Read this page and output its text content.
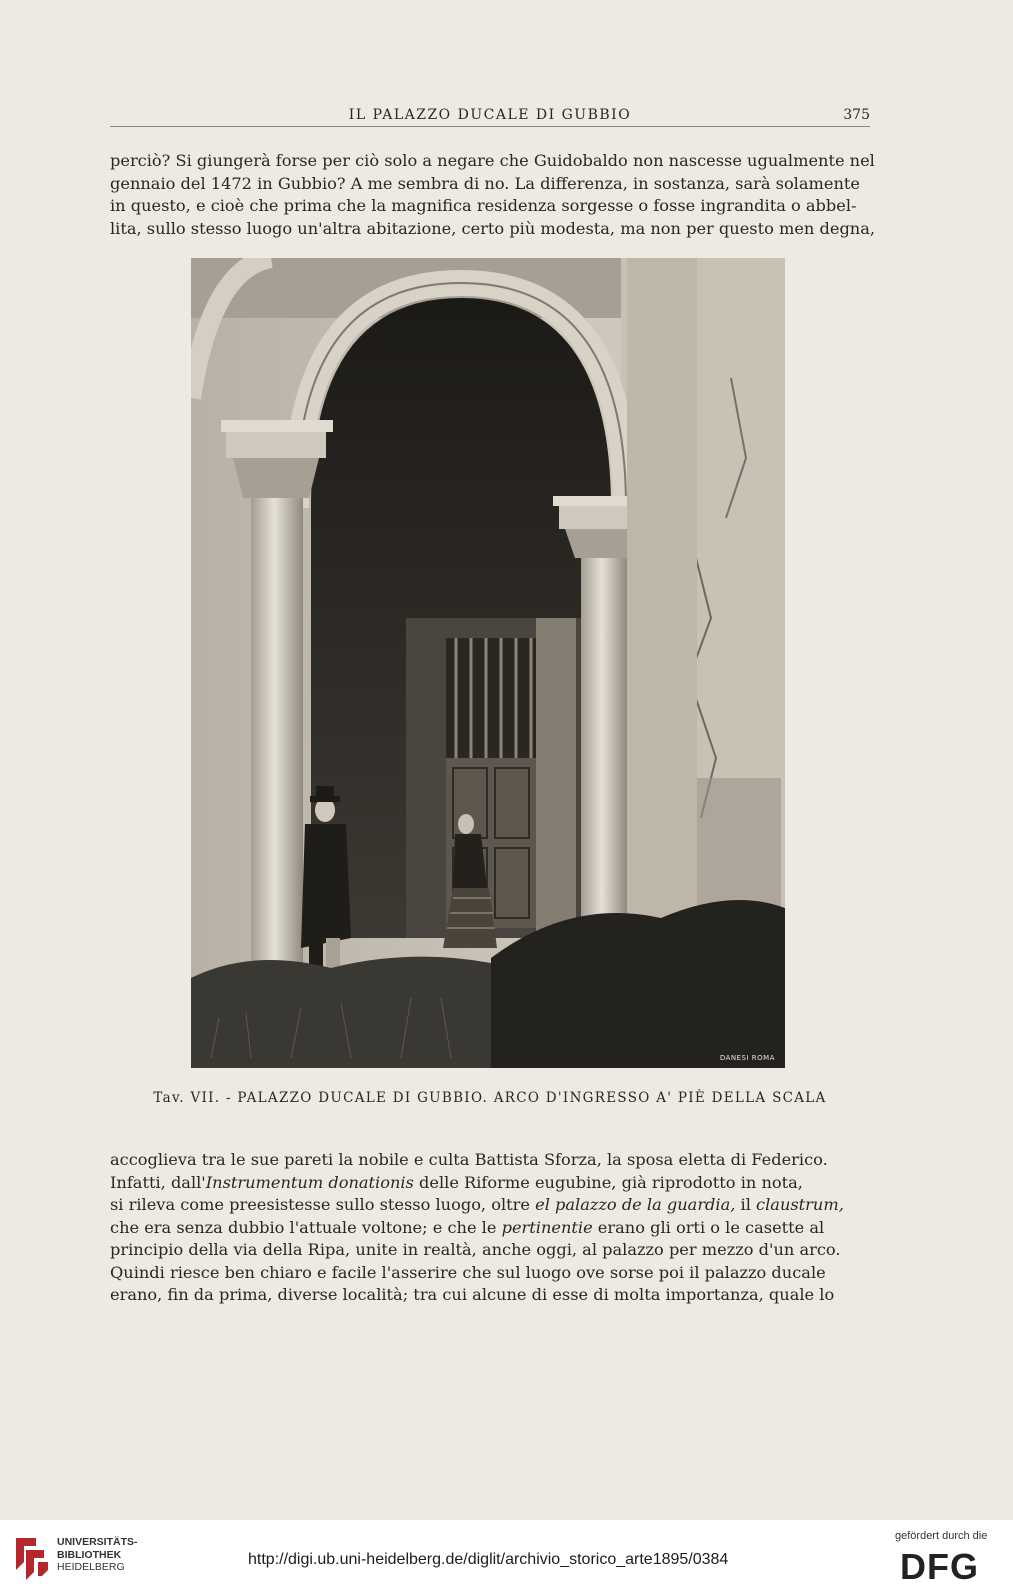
IL PALAZZO DUCALE DI GUBBIO	375

perciò? Si giungerà forse per ciò solo a negare che Guidobaldo non nascesse ugualmente nel
gennaio del 1472 in Gubbio? A me sembra di no. La differenza, in sostanza, sarà solamente
in questo, e cioè che prima che la magnifica residenza sorgesse o fosse ingrandita o abbel-
lita, sullo stesso luogo un'altra abitazione, certo più modesta, ma non per questo men degna,

DANESI ROMA
Tav. VII. - PALAZZO DUCALE DI GUBBIO. ARCO D'INGRESSO A' PIÈ DELLA SCALA

accoglieva tra le sue pareti la nobile e culta Battista Sforza, la sposa eletta di Federico.
Infatti, dall'Instrumentum donationis delle Riforme eugubine, già riprodotto in nota,
si rileva come preesistesse sullo stesso luogo, oltre el palazzo de la guardia, il claustrum,
che era senza dubbio l'attuale voltone; e che le pertinentie erano gli orti o le casette al
principio della via della Ripa, unite in realtà, anche oggi, al palazzo per mezzo d'un arco.
Quindi riesce ben chiaro e facile l'asserire che sul luogo ove sorse poi il palazzo ducale
erano, fin da prima, diverse località; tra cui alcune di esse di molta importanza, quale lo

UNIVERSITÄTS-
BIBLIOTHEK
HEIDELBERG	http://digi.ub.uni-heidelberg.de/diglit/archivio_storico_arte1895/0384
gefördert durch die
DFG
